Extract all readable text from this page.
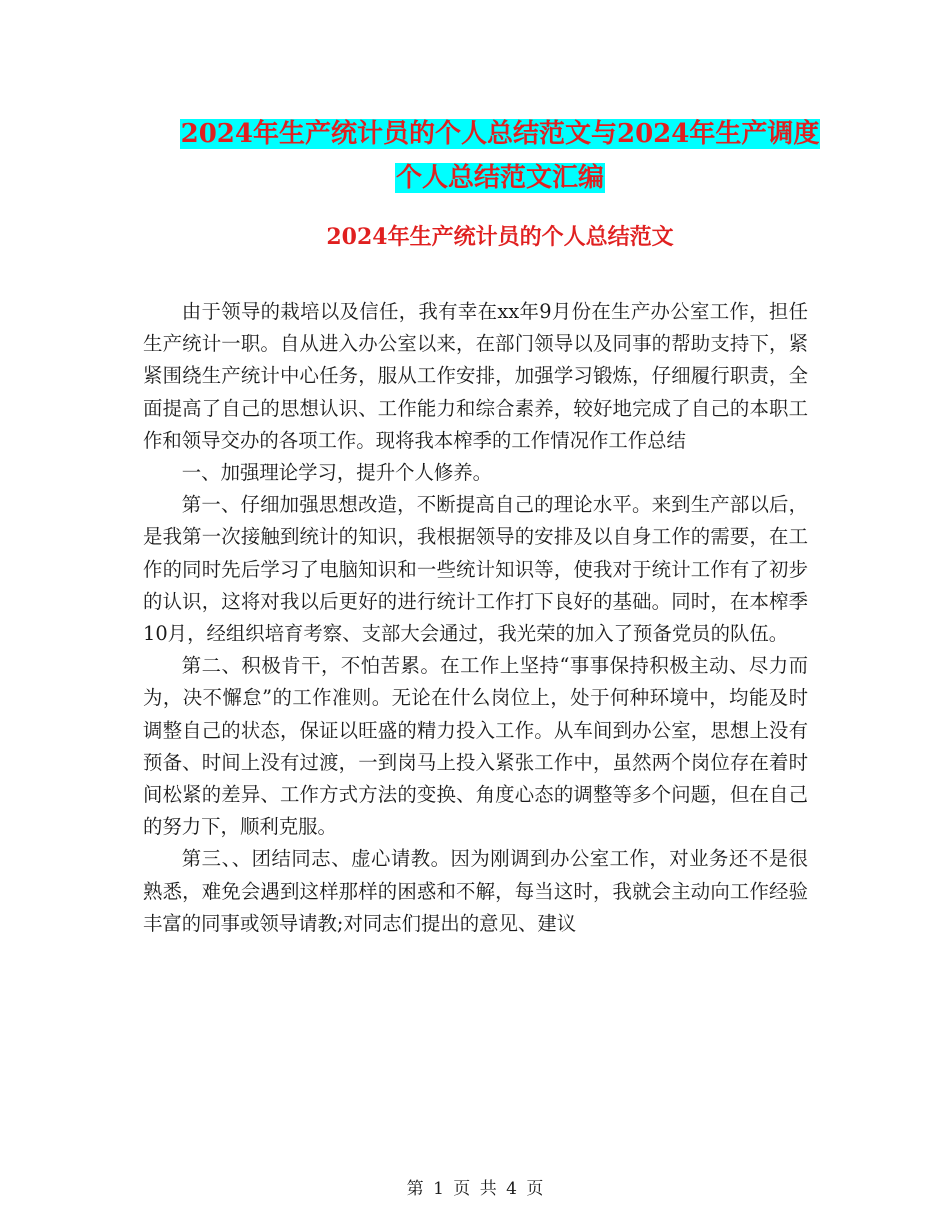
2024年生产统计员的个人总结范文与2024年生产调度
个人总结范文汇编
2024年生产统计员的个人总结范文

由于领导的栽培以及信任，我有幸在xx年9月份在生产办公室工作，担任生产统计一职。自从进入办公室以来，在部门领导以及同事的帮助支持下，紧紧围绕生产统计中心任务，服从工作安排，加强学习锻炼，仔细履行职责，全面提高了自己的思想认识、工作能力和综合素养，较好地完成了自己的本职工作和领导交办的各项工作。现将我本榨季的工作情况作工作总结

一、加强理论学习，提升个人修养。

第一、仔细加强思想改造，不断提高自己的理论水平。来到生产部以后，是我第一次接触到统计的知识，我根据领导的安排及以自身工作的需要，在工作的同时先后学习了电脑知识和一些统计知识等，使我对于统计工作有了初步的认识，这将对我以后更好的进行统计工作打下良好的基础。同时，在本榨季10月，经组织培育考察、支部大会通过，我光荣的加入了预备党员的队伍。

第二、积极肯干，不怕苦累。在工作上坚持“事事保持积极主动、尽力而为，决不懈怠”的工作准则。无论在什么岗位上，处于何种环境中，均能及时调整自己的状态，保证以旺盛的精力投入工作。从车间到办公室，思想上没有预备、时间上没有过渡，一到岗马上投入紧张工作中，虽然两个岗位存在着时间松紧的差异、工作方式方法的变换、角度心态的调整等多个问题，但在自己的努力下，顺利克服。

第三、、团结同志、虚心请教。因为刚调到办公室工作，对业务还不是很熟悉，难免会遇到这样那样的困惑和不解，每当这时，我就会主动向工作经验丰富的同事或领导请教;对同志们提出的意见、建议

第 1 页 共 4 页
